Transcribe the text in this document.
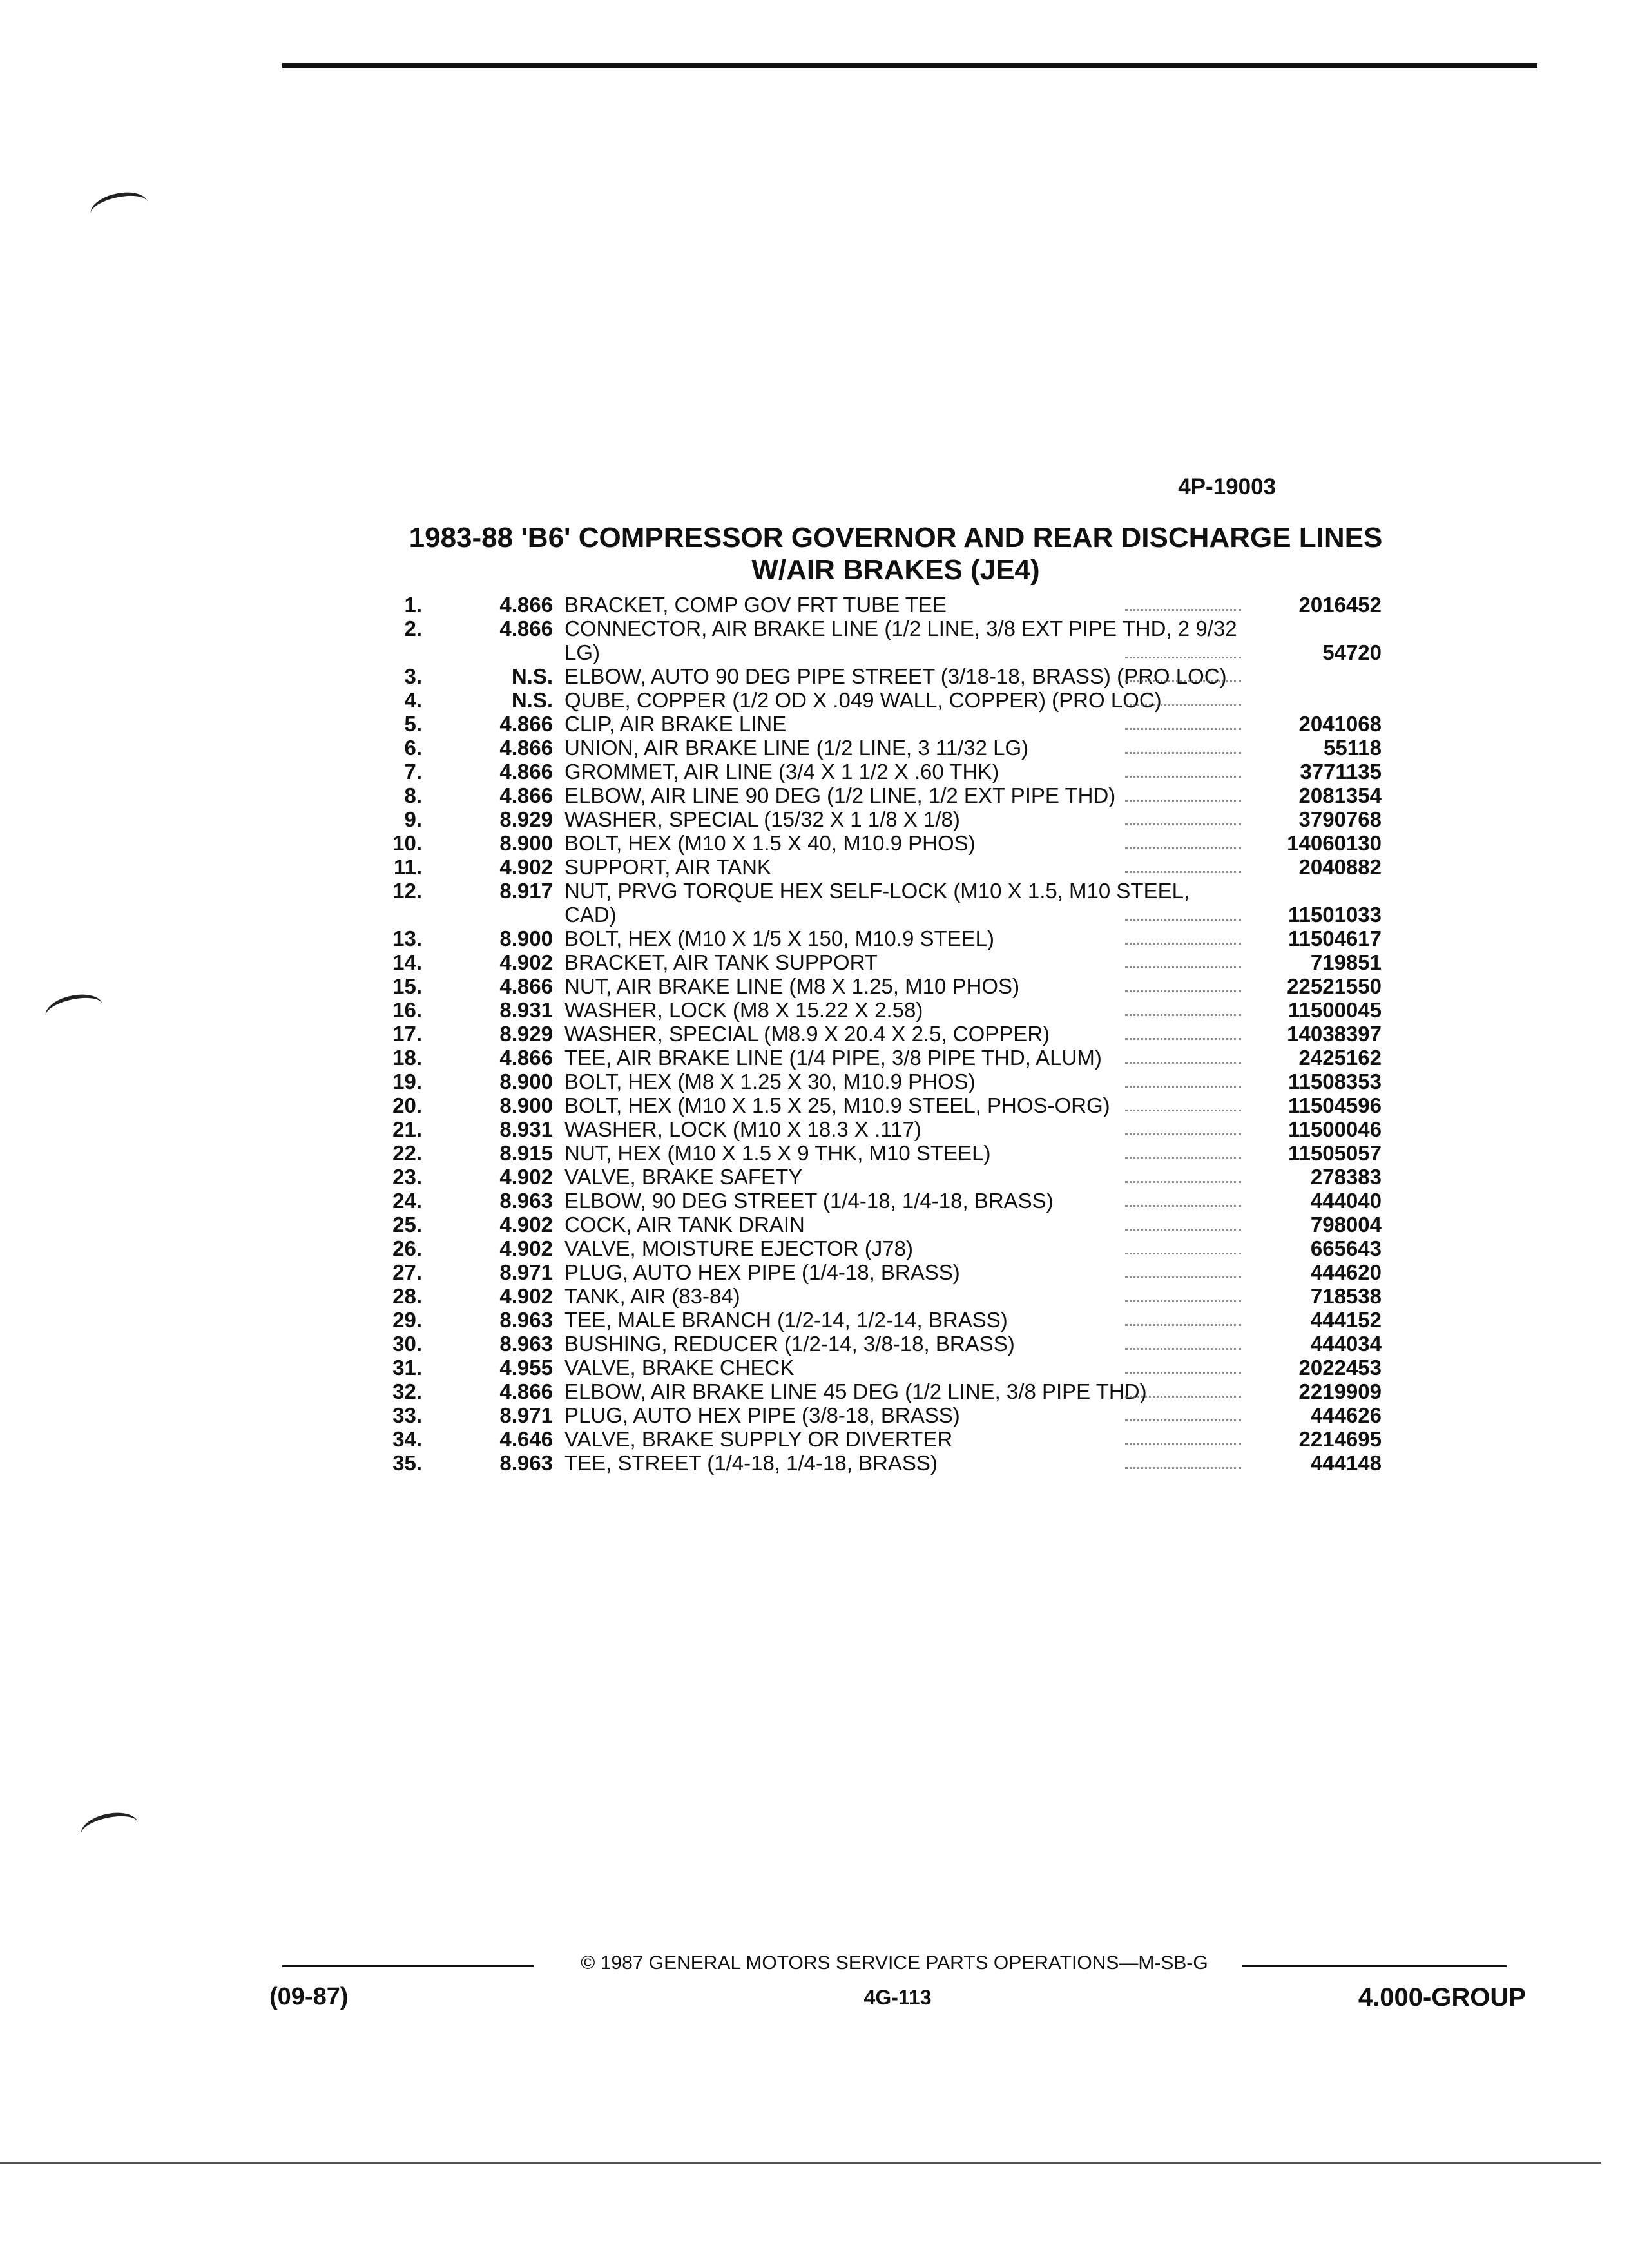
4P-19003
1983-88 'B6' COMPRESSOR GOVERNOR AND REAR DISCHARGE LINES
W/AIR BRAKES (JE4)
1.	4.866 BRACKET, COMP GOV FRT TUBE TEE	2016452
2.	4.866 CONNECTOR, AIR BRAKE LINE (1/2 LINE, 3/8 EXT PIPE THD, 2 9/32 LG)	54720
3.	N.S. ELBOW, AUTO 90 DEG PIPE STREET (3/18-18, BRASS) (PRO LOC)
4.	N.S. QUBE, COPPER (1/2 OD X .049 WALL, COPPER) (PRO LOC)
5.	4.866 CLIP, AIR BRAKE LINE	2041068
6.	4.866 UNION, AIR BRAKE LINE (1/2 LINE, 3 11/32 LG)	55118
7.	4.866 GROMMET, AIR LINE (3/4 X 1 1/2 X .60 THK)	3771135
8.	4.866 ELBOW, AIR LINE 90 DEG (1/2 LINE, 1/2 EXT PIPE THD)	2081354
9.	8.929 WASHER, SPECIAL (15/32 X 1 1/8 X 1/8)	3790768
10.	8.900 BOLT, HEX (M10 X 1.5 X 40, M10.9 PHOS)	14060130
11.	4.902 SUPPORT, AIR TANK	2040882
12.	8.917 NUT, PRVG TORQUE HEX SELF-LOCK (M10 X 1.5, M10 STEEL, CAD)	11501033
13.	8.900 BOLT, HEX (M10 X 1/5 X 150, M10.9 STEEL)	11504617
14.	4.902 BRACKET, AIR TANK SUPPORT	719851
15.	4.866 NUT, AIR BRAKE LINE (M8 X 1.25, M10 PHOS)	22521550
16.	8.931 WASHER, LOCK (M8 X 15.22 X 2.58)	11500045
17.	8.929 WASHER, SPECIAL (M8.9 X 20.4 X 2.5, COPPER)	14038397
18.	4.866 TEE, AIR BRAKE LINE (1/4 PIPE, 3/8 PIPE THD, ALUM)	2425162
19.	8.900 BOLT, HEX (M8 X 1.25 X 30, M10.9 PHOS)	11508353
20.	8.900 BOLT, HEX (M10 X 1.5 X 25, M10.9 STEEL, PHOS-ORG)	11504596
21.	8.931 WASHER, LOCK (M10 X 18.3 X .117)	11500046
22.	8.915 NUT, HEX (M10 X 1.5 X 9 THK, M10 STEEL)	11505057
23.	4.902 VALVE, BRAKE SAFETY	278383
24.	8.963 ELBOW, 90 DEG STREET (1/4-18, 1/4-18, BRASS)	444040
25.	4.902 COCK, AIR TANK DRAIN	798004
26.	4.902 VALVE, MOISTURE EJECTOR (J78)	665643
27.	8.971 PLUG, AUTO HEX PIPE (1/4-18, BRASS)	444620
28.	4.902 TANK, AIR (83-84)	718538
29.	8.963 TEE, MALE BRANCH (1/2-14, 1/2-14, BRASS)	444152
30.	8.963 BUSHING, REDUCER (1/2-14, 3/8-18, BRASS)	444034
31.	4.955 VALVE, BRAKE CHECK	2022453
32.	4.866 ELBOW, AIR BRAKE LINE 45 DEG (1/2 LINE, 3/8 PIPE THD)	2219909
33.	8.971 PLUG, AUTO HEX PIPE (3/8-18, BRASS)	444626
34.	4.646 VALVE, BRAKE SUPPLY OR DIVERTER	2214695
35.	8.963 TEE, STREET (1/4-18, 1/4-18, BRASS)	444148
© 1987 GENERAL MOTORS SERVICE PARTS OPERATIONS—M-SB-G
(09-87)	4G-113	4.000-GROUP
